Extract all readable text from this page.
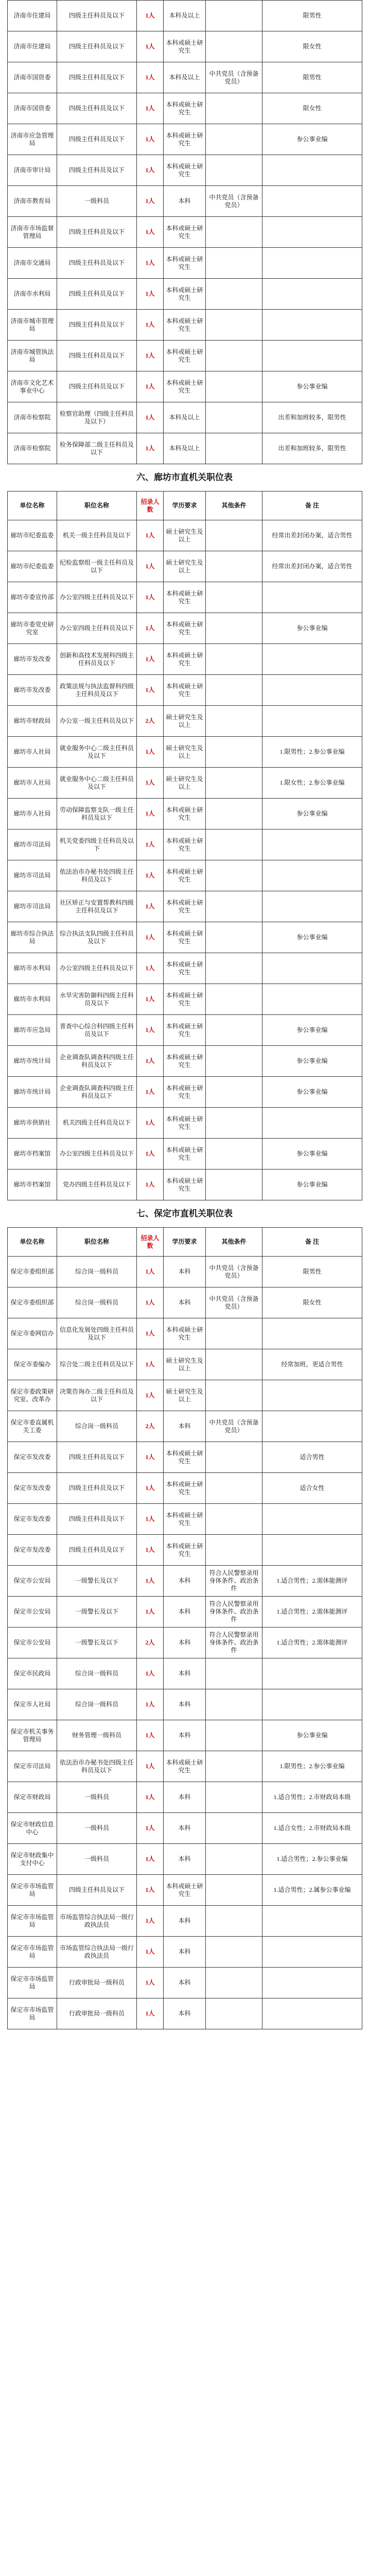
济南市住建局	四级主任科员及以下	1人	本科及以上		限男性
济南市住建局	四级主任科员及以下	1人	本科或硕士研究生		限女性
济南市国资委	四级主任科员及以下	1人	本科及以上	中共党员（含预备党员）	限男性
济南市国资委	四级主任科员及以下	1人	本科或硕士研究生		限女性
济南市应急管理局	四级主任科员及以下	1人	本科或硕士研究生		参公事业编
济南市审计局	四级主任科员及以下	1人	本科或硕士研究生		
济南市教育局	一级科员	1人	本科	中共党员（含预备党员）	
济南市市场监督管理局	四级主任科员及以下	1人	本科或硕士研究生		
济南市交通局	四级主任科员及以下	1人	本科或硕士研究生		
济南市水利局	四级主任科员及以下	1人	本科或硕士研究生		
济南市城市管理局	四级主任科员及以下	1人	本科或硕士研究生		
济南市城管执法局	四级主任科员及以下	1人	本科或硕士研究生		
济南市文化艺术事业中心	四级主任科员及以下	1人	本科或硕士研究生		参公事业编
济南市检察院	检察官助理（四级主任科员及以下）	1人	本科及以上		出差和加班较多，限男性
济南市检察院	检务保障部二级主任科员及以下	1人	本科及以上		出差和加班较多，限男性
六、廊坊市直机关职位表
单位名称	职位名称	招录人数	学历要求	其他条件	备 注
廊坊市纪委监委	机关一级主任科员及以下	1人	硕士研究生及以上		经常出差封闭办案，适合男性
廊坊市纪委监委	纪检监察组一级主任科员及以下	1人	硕士研究生及以上		经常出差封闭办案，适合男性
廊坊市委宣传部	办公室四级主任科员及以下	1人	本科或硕士研究生		
廊坊市委党史研究室	办公室四级主任科员及以下	1人	本科或硕士研究生		参公事业编
廊坊市发改委	创新和高技术发展科四级主任科员及以下	1人	本科或硕士研究生		
廊坊市发改委	政策法规与执法监督科四级主任科员及以下	1人	本科或硕士研究生		
廊坊市财政局	办公室一级主任科员及以下	2人	硕士研究生及以上		
廊坊市人社局	就业服务中心二级主任科员及以下	1人	硕士研究生及以上		1.限男性；2.参公事业编
廊坊市人社局	就业服务中心二级主任科员及以下	1人	硕士研究生及以上		1.限女性；2.参公事业编
廊坊市人社局	劳动保障监察支队一级主任科员及以下	1人	本科或硕士研究生		参公事业编
廊坊市司法局	机关党委四级主任科员及以下	1人	本科或硕士研究生		
廊坊市司法局	依法治市办秘书处四级主任科员及以下	1人	本科或硕士研究生		
廊坊市司法局	社区矫正与安置帮教科四级主任科员及以下	1人	本科或硕士研究生		
廊坊市综合执法局	综合执法支队四级主任科员及以下	1人	本科或硕士研究生		参公事业编
廊坊市水利局	办公室四级主任科员及以下	1人	本科或硕士研究生		
廊坊市水利局	水旱灾害防御科四级主任科员及以下	1人	本科或硕士研究生		
廊坊市应急局	普查中心综合科四级主任科员及以下	1人	本科或硕士研究生		参公事业编
廊坊市统计局	企业调查队调查科四级主任科员及以下	1人	本科或硕士研究生		参公事业编
廊坊市统计局	企业调查队调查科四级主任科员及以下	1人	本科或硕士研究生		参公事业编
廊坊市供销社	机关四级主任科员及以下	1人	本科或硕士研究生		
廊坊市档案馆	办公室四级主任科员及以下	1人	本科或硕士研究生		参公事业编
廊坊市档案馆	党办四级主任科员及以下	1人	本科或硕士研究生		参公事业编
七、保定市直机关职位表
单位名称	职位名称	招录人数	学历要求	其他条件	备 注
保定市委组织部	综合岗一级科员	1人	本科	中共党员（含预备党员）	限男性
保定市委组织部	综合岗一级科员	1人	本科	中共党员（含预备党员）	限女性
保定市委网信办	信息化发展处四级主任科员及以下	1人	本科或硕士研究生		
保定市委编办	综合处二级主任科员及以下	1人	硕士研究生及以上		经常加班，更适合男性
保定市委政策研究室、改革办	决策咨询办二级主任科员及以下	1人	硕士研究生及以上		
保定市委直属机关工委	综合岗一级科员	2人	本科	中共党员（含预备党员）	
保定市发改委	四级主任科员及以下	1人	本科或硕士研究生		适合男性
保定市发改委	四级主任科员及以下	1人	本科或硕士研究生		适合女性
保定市发改委	四级主任科员及以下	1人	本科或硕士研究生		
保定市发改委	四级主任科员及以下	1人	本科或硕士研究生		
保定市公安局	一级警长及以下	1人	本科	符合人民警察录用身体条件、政治条件	1.适合男性；2.需体能测评
保定市公安局	一级警长及以下	1人	本科	符合人民警察录用身体条件、政治条件	1.适合男性；2.需体能测评
保定市公安局	一级警长及以下	2人	本科	符合人民警察录用身体条件、政治条件	1.适合男性；2.需体能测评
保定市民政局	综合岗一级科员	1人	本科		
保定市人社局	综合岗一级科员	1人	本科		
保定市机关事务管理局	财务管理一级科员	1人	本科		参公事业编
保定市司法局	依法治市办秘书处四级主任科员及以下	1人	本科或硕士研究生		1.限男性；2.参公事业编
保定市财政局	一级科员	1人	本科		1.适合男性；2.市财政局本级
保定市财政信息中心	一级科员	1人	本科		1.适合女性；2.市财政局本级
保定市财政集中支付中心	一级科员	1人	本科		1.适合男性；2.参公事业编
保定市市场监管局	四级主任科员及以下	1人	本科或硕士研究生		1.适合男性；2.属参公事业编
保定市市场监管局	市场监管综合执法局一级行政执法员	1人	本科		
保定市市场监管局	市场监管综合执法局一级行政执法员	1人	本科		
保定市市场监管局	行政审批局一级科员	1人	本科		
保定市市场监管局	行政审批局一级科员	1人	本科		
